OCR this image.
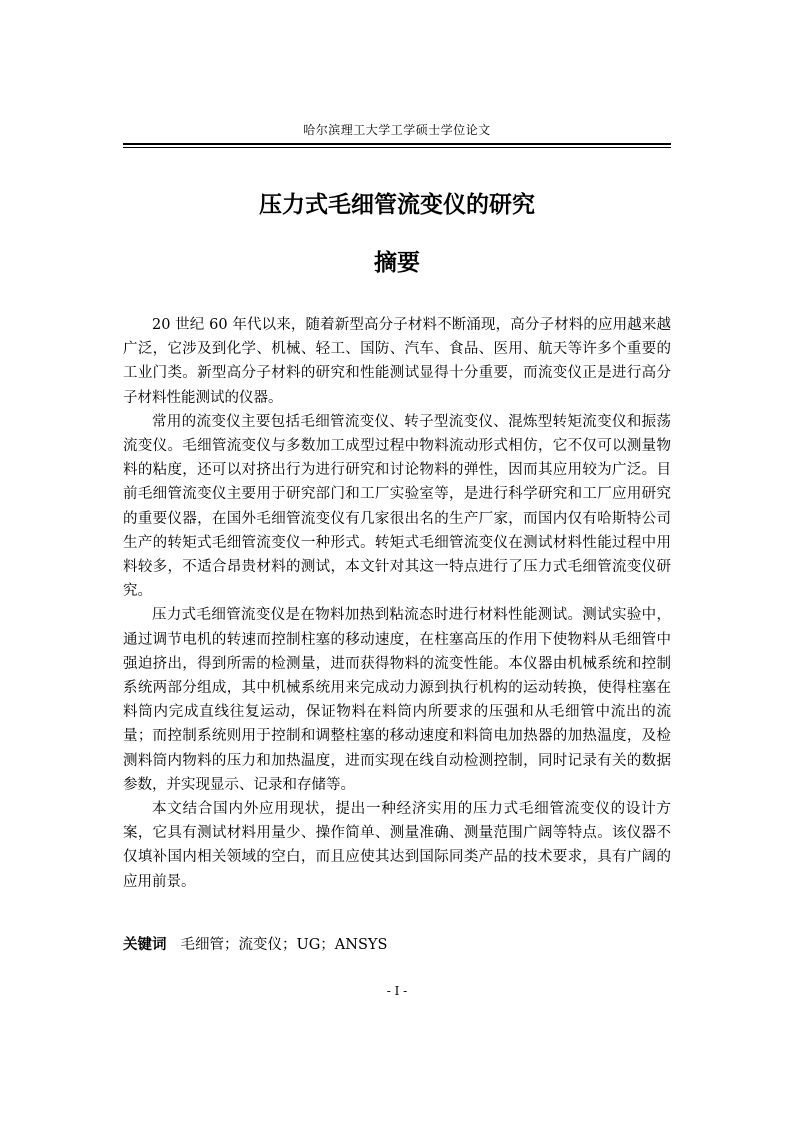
哈尔滨理工大学工学硕士学位论文
压力式毛细管流变仪的研究
摘要

20 世纪 60 年代以来，随着新型高分子材料不断涌现，高分子材料的应用越来越广泛，它涉及到化学、机械、轻工、国防、汽车、食品、医用、航天等许多个重要的工业门类。新型高分子材料的研究和性能测试显得十分重要，而流变仪正是进行高分子材料性能测试的仪器。

常用的流变仪主要包括毛细管流变仪、转子型流变仪、混炼型转矩流变仪和振荡流变仪。毛细管流变仪与多数加工成型过程中物料流动形式相仿，它不仅可以测量物料的粘度，还可以对挤出行为进行研究和讨论物料的弹性，因而其应用较为广泛。目前毛细管流变仪主要用于研究部门和工厂实验室等，是进行科学研究和工厂应用研究的重要仪器，在国外毛细管流变仪有几家很出名的生产厂家，而国内仅有哈斯特公司生产的转矩式毛细管流变仪一种形式。转矩式毛细管流变仪在测试材料性能过程中用料较多，不适合昂贵材料的测试，本文针对其这一特点进行了压力式毛细管流变仪研究。

压力式毛细管流变仪是在物料加热到粘流态时进行材料性能测试。测试实验中，通过调节电机的转速而控制柱塞的移动速度，在柱塞高压的作用下使物料从毛细管中强迫挤出，得到所需的检测量，进而获得物料的流变性能。本仪器由机械系统和控制系统两部分组成，其中机械系统用来完成动力源到执行机构的运动转换，使得柱塞在料筒内完成直线往复运动，保证物料在料筒内所要求的压强和从毛细管中流出的流量；而控制系统则用于控制和调整柱塞的移动速度和料筒电加热器的加热温度，及检测料筒内物料的压力和加热温度，进而实现在线自动检测控制，同时记录有关的数据参数，并实现显示、记录和存储等。

本文结合国内外应用现状，提出一种经济实用的压力式毛细管流变仪的设计方案，它具有测试材料用量少、操作简单、测量准确、测量范围广阔等特点。该仪器不仅填补国内相关领域的空白，而且应使其达到国际同类产品的技术要求，具有广阔的应用前景。

关键词 毛细管；流变仪；UG；ANSYS
- I -
